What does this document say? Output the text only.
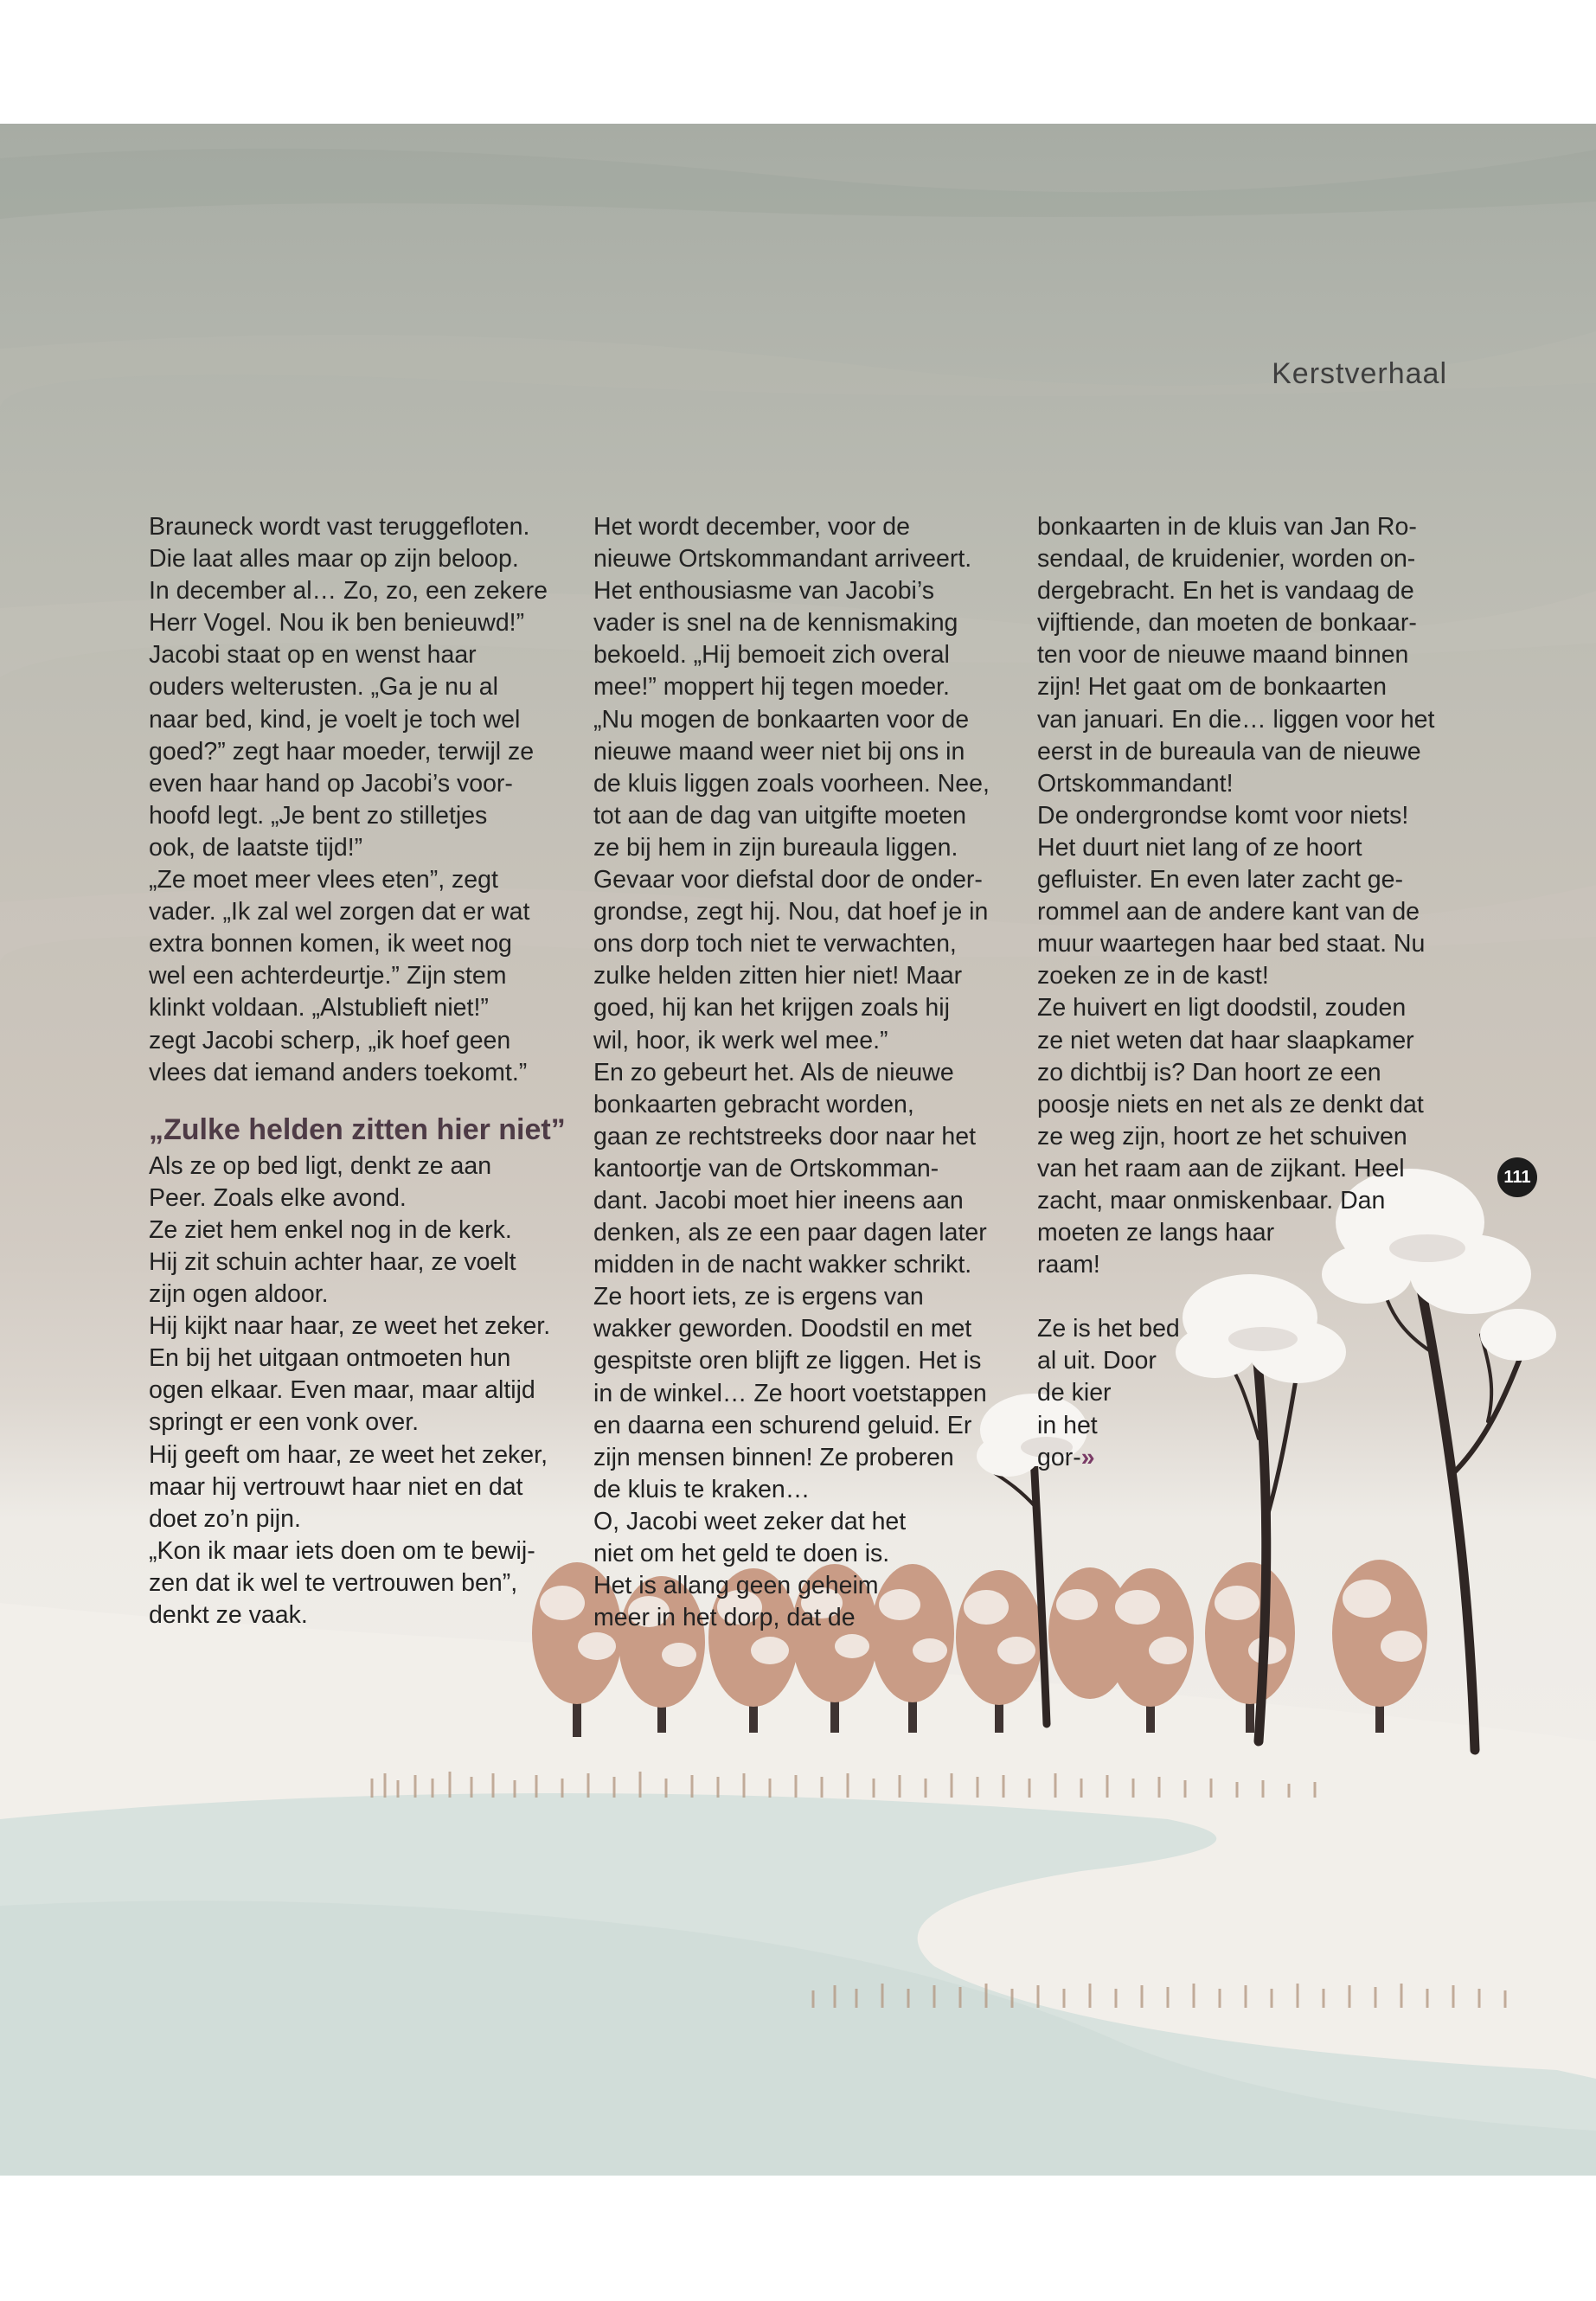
Kerstverhaal

Brauneck wordt vast teruggefloten.
Die laat alles maar op zijn beloop.
In december al… Zo, zo, een zekere
Herr Vogel. Nou ik ben benieuwd!”
Jacobi staat op en wenst haar
ouders welterusten. „Ga je nu al
naar bed, kind, je voelt je toch wel
goed?” zegt haar moeder, terwijl ze
even haar hand op Jacobi’s voor-
hoofd legt. „Je bent zo stilletjes
ook, de laatste tijd!”
„Ze moet meer vlees eten”, zegt
vader. „Ik zal wel zorgen dat er wat
extra bonnen komen, ik weet nog
wel een achterdeurtje.” Zijn stem
klinkt voldaan. „Alstublieft niet!”
zegt Jacobi scherp, „ik hoef geen
vlees dat iemand anders toekomt.”

„Zulke helden zitten hier niet”

Als ze op bed ligt, denkt ze aan
Peer. Zoals elke avond.
Ze ziet hem enkel nog in de kerk.
Hij zit schuin achter haar, ze voelt
zijn ogen aldoor.
Hij kijkt naar haar, ze weet het zeker.
En bij het uitgaan ontmoeten hun
ogen elkaar. Even maar, maar altijd
springt er een vonk over.
Hij geeft om haar, ze weet het zeker,
maar hij vertrouwt haar niet en dat
doet zo’n pijn.
„Kon ik maar iets doen om te bewij-
zen dat ik wel te vertrouwen ben”,
denkt ze vaak.

Het wordt december, voor de
nieuwe Ortskommandant arriveert.
Het enthousiasme van Jacobi’s
vader is snel na de kennismaking
bekoeld. „Hij bemoeit zich overal
mee!” moppert hij tegen moeder.
„Nu mogen de bonkaarten voor de
nieuwe maand weer niet bij ons in
de kluis liggen zoals voorheen. Nee,
tot aan de dag van uitgifte moeten
ze bij hem in zijn bureaula liggen.
Gevaar voor diefstal door de onder-
grondse, zegt hij. Nou, dat hoef je in
ons dorp toch niet te verwachten,
zulke helden zitten hier niet! Maar
goed, hij kan het krijgen zoals hij
wil, hoor, ik werk wel mee.”
En zo gebeurt het. Als de nieuwe
bonkaarten gebracht worden,
gaan ze rechtstreeks door naar het
kantoortje van de Ortskomman-
dant. Jacobi moet hier ineens aan
denken, als ze een paar dagen later
midden in de nacht wakker schrikt.
Ze hoort iets, ze is ergens van
wakker geworden. Doodstil en met
gespitste oren blijft ze liggen. Het is
in de winkel… Ze hoort voetstappen
en daarna een schurend geluid. Er
zijn mensen binnen! Ze proberen
de kluis te kraken…
O, Jacobi weet zeker dat het
niet om het geld te doen is.
Het is allang geen geheim
meer in het dorp, dat de

bonkaarten in de kluis van Jan Ro-
sendaal, de kruidenier, worden on-
dergebracht. En het is vandaag de
vijftiende, dan moeten de bonkaar-
ten voor de nieuwe maand binnen
zijn! Het gaat om de bonkaarten
van januari. En die… liggen voor het
eerst in de bureaula van de nieuwe
Ortskommandant!
De ondergrondse komt voor niets!
Het duurt niet lang of ze hoort
gefluister. En even later zacht ge-
rommel aan de andere kant van de
muur waartegen haar bed staat. Nu
zoeken ze in de kast!
Ze huivert en ligt doodstil, zouden
ze niet weten dat haar slaapkamer
zo dichtbij is? Dan hoort ze een
poosje niets en net als ze denkt dat
ze weg zijn, hoort ze het schuiven
van het raam aan de zijkant. Heel
zacht, maar onmiskenbaar. Dan
moeten ze langs haar
raam!

Ze is het bed
al uit. Door
de kier
in het
gor-»

111
